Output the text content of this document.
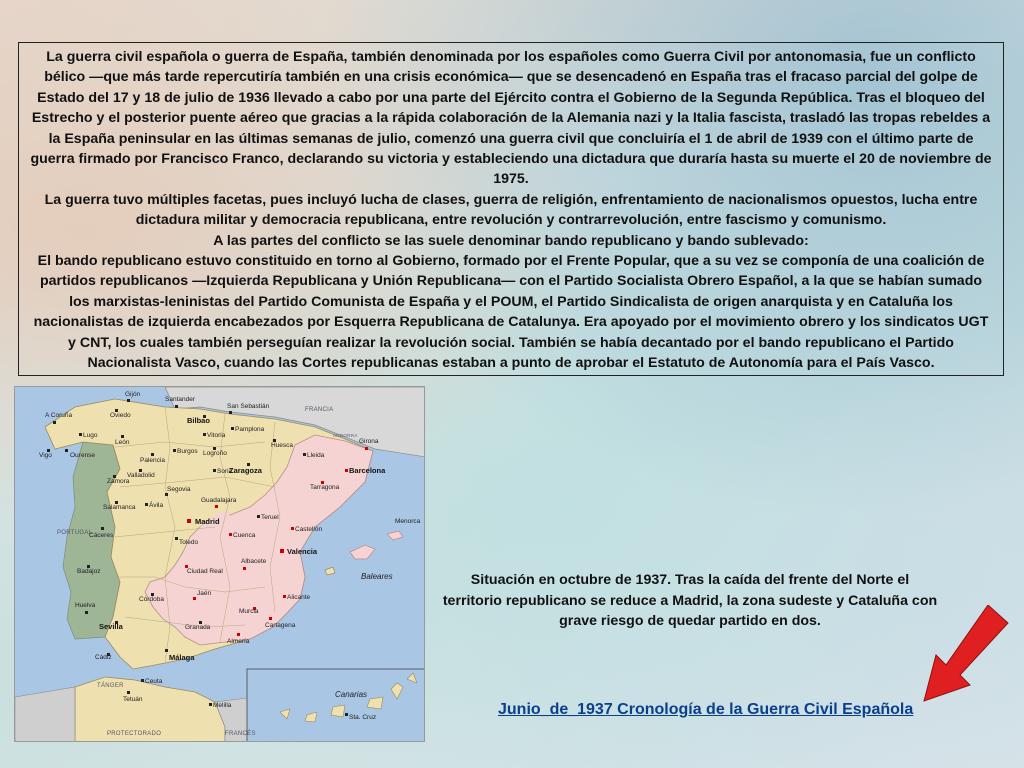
La guerra civil española o guerra de España, también denominada por los españoles como Guerra Civil por antonomasia, fue un conflicto bélico —que más tarde repercutiría también en una crisis económica— que se desencadenó en España tras el fracaso parcial del golpe de Estado del 17 y 18 de julio de 1936 llevado a cabo por una parte del Ejército contra el Gobierno de la Segunda República. Tras el bloqueo del Estrecho y el posterior puente aéreo que gracias a la rápida colaboración de la Alemania nazi y la Italia fascista, trasladó las tropas rebeldes a la España peninsular en las últimas semanas de julio, comenzó una guerra civil que concluiría el 1 de abril de 1939 con el último parte de guerra firmado por Francisco Franco, declarando su victoria y estableciendo una dictadura que duraría hasta su muerte el 20 de noviembre de 1975.

La guerra tuvo múltiples facetas, pues incluyó lucha de clases, guerra de religión, enfrentamiento de nacionalismos opuestos, lucha entre dictadura militar y democracia republicana, entre revolución y contrarrevolución, entre fascismo y comunismo.

A las partes del conflicto se las suele denominar bando republicano y bando sublevado:

El bando republicano estuvo constituido en torno al Gobierno, formado por el Frente Popular, que a su vez se componía de una coalición de partidos republicanos —Izquierda Republicana y Unión Republicana— con el Partido Socialista Obrero Español, a la que se habían sumado los marxistas-leninistas del Partido Comunista de España y el POUM, el Partido Sindicalista de origen anarquista y en Cataluña los nacionalistas de izquierda encabezados por Esquerra Republicana de Catalunya. Era apoyado por el movimiento obrero y los sindicatos UGT y CNT, los cuales también perseguían realizar la revolución social. También se había decantado por el bando republicano el Partido Nacionalista Vasco, cuando las Cortes republicanas estaban a punto de aprobar el Estatuto de Autonomía para el País Vasco.

FRANCIA
PORTUGAL
ANDORRA
PROTECTORADO	FRANCÉS
TÁNGER
Baleares
Canarias
Gijón
Oviedo
A Coruña
Lugo
Santander
San Sebastián
Bilbao
Vitoria
Pamplona
León
Ourense
Vigo
Burgos Logroño
Valladolid
Zamora
Palencia
Soria
Huesca
Lleida
Girona
Zaragoza	Barcelona
Tarragona
Salamanca Ávila
Segovia
Guadalajara
Teruel
Madrid
Castellón
Cáceres
Toledo
Cuenca
Valencia
Badajoz	Ciudad Real
Albacete
Menorca
Alicante
Córdoba
Jaén
Murcia
Sevilla
Huelva
Granada
Almería
Cartagena
Cádiz	Málaga
Ceuta
Melilla
Tetuán
Sta. Cruz
Situación en octubre de 1937. Tras la caída del frente del Norte el territorio republicano se reduce a Madrid, la zona sudeste y Cataluña con grave riesgo de quedar partido en dos.
Junio_de_1937 Cronología de la Guerra Civil Española
